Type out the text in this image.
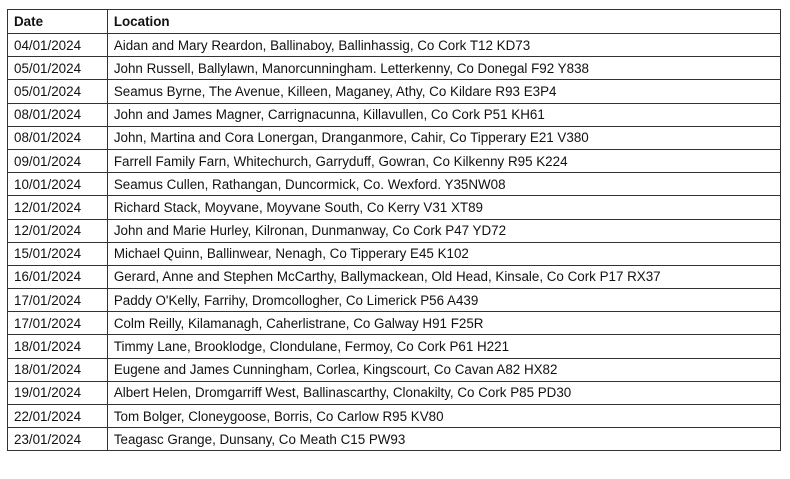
Date	Location
04/01/2024	Aidan and Mary Reardon, Ballinaboy, Ballinhassig, Co Cork T12 KD73
05/01/2024	John Russell, Ballylawn, Manorcunningham. Letterkenny, Co Donegal F92 Y838
05/01/2024	Seamus Byrne, The Avenue, Killeen, Maganey, Athy, Co Kildare R93 E3P4
08/01/2024	John and James Magner, Carrignacunna, Killavullen, Co Cork P51 KH61
08/01/2024	John, Martina and Cora Lonergan, Dranganmore, Cahir, Co Tipperary E21 V380
09/01/2024	Farrell Family Farn, Whitechurch, Garryduff, Gowran, Co Kilkenny R95 K224
10/01/2024	Seamus Cullen, Rathangan, Duncormick, Co. Wexford. Y35NW08
12/01/2024	Richard Stack, Moyvane, Moyvane South, Co Kerry V31 XT89
12/01/2024	John and Marie Hurley, Kilronan, Dunmanway, Co Cork P47 YD72
15/01/2024	Michael Quinn, Ballinwear, Nenagh, Co Tipperary E45 K102
16/01/2024	Gerard, Anne and Stephen McCarthy, Ballymackean, Old Head, Kinsale, Co Cork P17 RX37
17/01/2024	Paddy O'Kelly, Farrihy, Dromcollogher, Co Limerick P56 A439
17/01/2024	Colm Reilly, Kilamanagh, Caherlistrane, Co Galway H91 F25R
18/01/2024	Timmy Lane, Brooklodge, Clondulane, Fermoy, Co Cork P61 H221
18/01/2024	Eugene and James Cunningham, Corlea, Kingscourt, Co Cavan A82 HX82
19/01/2024	Albert Helen, Dromgarriff West, Ballinascarthy, Clonakilty, Co Cork P85 PD30
22/01/2024	Tom Bolger, Cloneygoose, Borris, Co Carlow R95 KV80
23/01/2024	Teagasc Grange, Dunsany, Co Meath C15 PW93
